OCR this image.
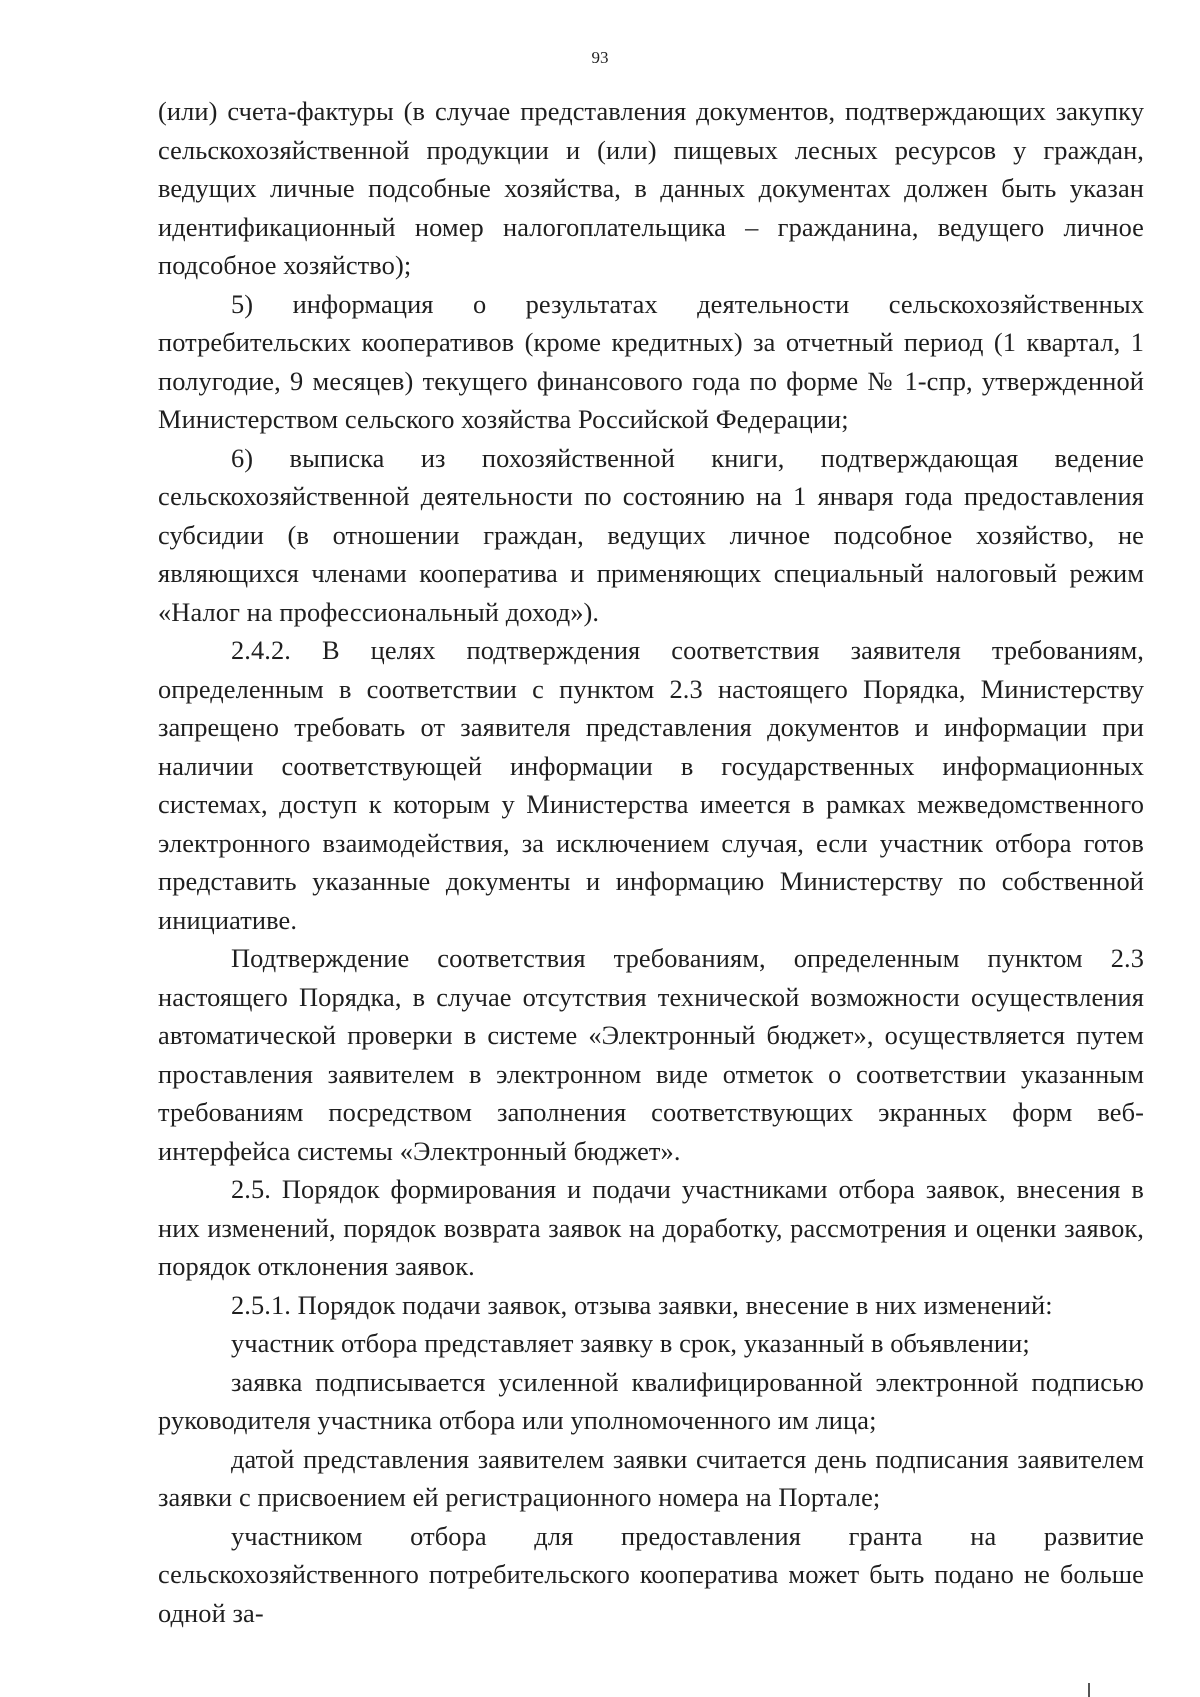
93

(или) счета-фактуры (в случае представления документов, подтверждающих закупку сельскохозяйственной продукции и (или) пищевых лесных ресурсов у граждан, ведущих личные подсобные хозяйства, в данных документах должен быть указан идентификационный номер налогоплательщика – гражданина, ведущего личное подсобное хозяйство);

5) информация о результатах деятельности сельскохозяйственных потребительских кооперативов (кроме кредитных) за отчетный период (1 квартал, 1 полугодие, 9 месяцев) текущего финансового года по форме № 1-спр, утвержденной Министерством сельского хозяйства Российской Федерации;

6) выписка из похозяйственной книги, подтверждающая ведение сельскохозяйственной деятельности по состоянию на 1 января года предоставления субсидии (в отношении граждан, ведущих личное подсобное хозяйство, не являющихся членами кооператива и применяющих специальный налоговый режим «Налог на профессиональный доход»).

2.4.2. В целях подтверждения соответствия заявителя требованиям, определенным в соответствии с пунктом 2.3 настоящего Порядка, Министерству запрещено требовать от заявителя представления документов и информации при наличии соответствующей информации в государственных информационных системах, доступ к которым у Министерства имеется в рамках межведомственного электронного взаимодействия, за исключением случая, если участник отбора готов представить указанные документы и информацию Министерству по собственной инициативе.

Подтверждение соответствия требованиям, определенным пунктом 2.3 настоящего Порядка, в случае отсутствия технической возможности осуществления автоматической проверки в системе «Электронный бюджет», осуществляется путем проставления заявителем в электронном виде отметок о соответствии указанным требованиям посредством заполнения соответствующих экранных форм веб-интерфейса системы «Электронный бюджет».

2.5. Порядок формирования и подачи участниками отбора заявок, внесения в них изменений, порядок возврата заявок на доработку, рассмотрения и оценки заявок, порядок отклонения заявок.

2.5.1. Порядок подачи заявок, отзыва заявки, внесение в них изменений:

участник отбора представляет заявку в срок, указанный в объявлении;

заявка подписывается усиленной квалифицированной электронной подписью руководителя участника отбора или уполномоченного им лица;

датой представления заявителем заявки считается день подписания заявителем заявки с присвоением ей регистрационного номера на Портале;

участником отбора для предоставления гранта на развитие сельскохозяйственного потребительского кооператива может быть подано не больше одной за-
